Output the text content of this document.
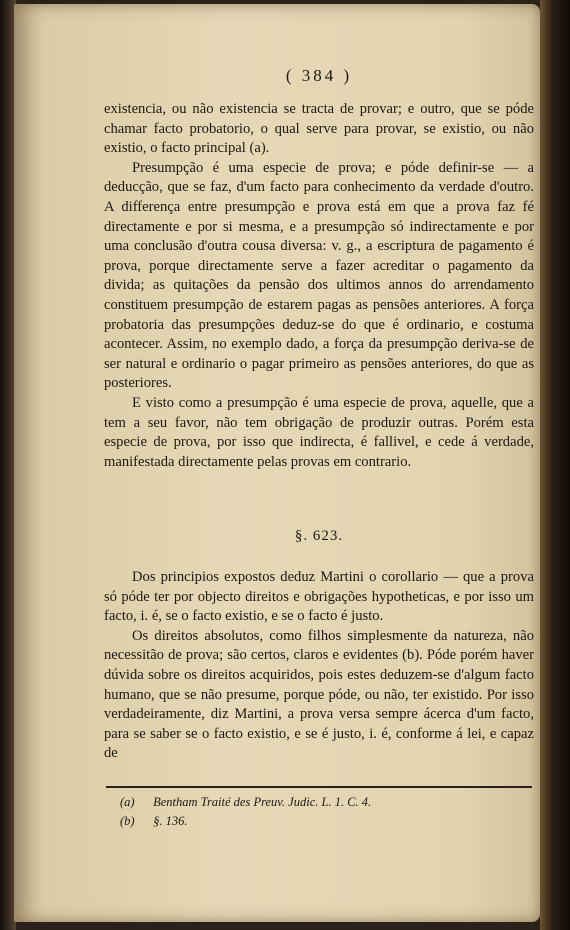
( 384 )

existencia, ou não existencia se tracta de provar; e outro, que se póde chamar facto probatorio, o qual serve para provar, se existio, ou não existio, o facto principal (a).

Presumpção é uma especie de prova; e póde definir-se — a deducção, que se faz, d'um facto para conhecimento da verdade d'outro. A differença entre presumpção e prova está em que a prova faz fé directamente e por si mesma, e a presumpção só indirectamente e por uma conclusão d'outra cousa diversa: v. g., a escriptura de pagamento é prova, porque directamente serve a fazer acreditar o pagamento da divida; as quitações da pensão dos ultimos annos do arrendamento constituem presumpção de estarem pagas as pensões anteriores. A força probatoria das presumpções deduz-se do que é ordinario, e costuma acontecer. Assim, no exemplo dado, a força da presumpção deriva-se de ser natural e ordinario o pagar primeiro as pensões anteriores, do que as posteriores.

E visto como a presumpção é uma especie de prova, aquelle, que a tem a seu favor, não tem obrigação de produzir outras. Porém esta especie de prova, por isso que indirecta, é fallivel, e cede á verdade, manifestada directamente pelas provas em contrario.

§. 623.

Dos principios expostos deduz Martini o corollario — que a prova só póde ter por objecto direitos e obrigações hypotheticas, e por isso um facto, i. é, se o facto existio, e se o facto é justo.

Os direitos absolutos, como filhos simplesmente da natureza, não necessitão de prova; são certos, claros e evidentes (b). Póde porém haver dúvida sobre os direitos acquiridos, pois estes deduzem-se d'algum facto humano, que se não presume, porque póde, ou não, ter existido. Por isso verdadeiramente, diz Martini, a prova versa sempre ácerca d'um facto, para se saber se o facto existio, e se é justo, i. é, conforme á lei, e capaz de

(a) Bentham Traité des Preuv. Judic. L. 1. C. 4.
(b) §. 136.
